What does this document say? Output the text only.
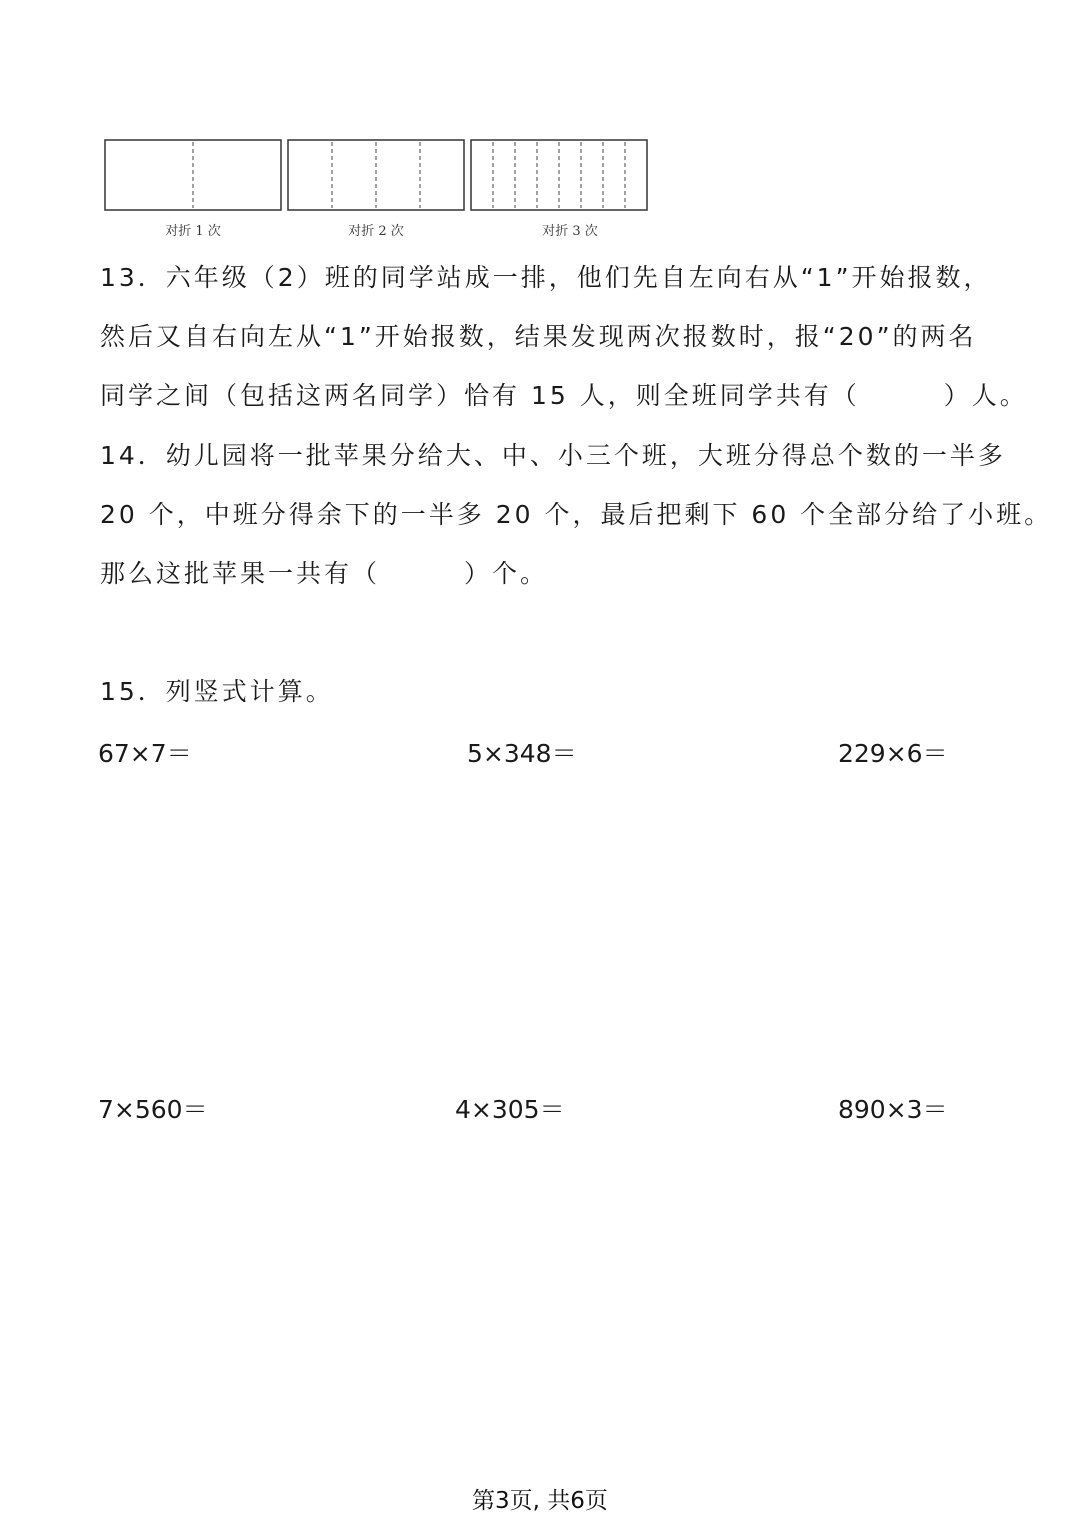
对折 1 次	对折 2 次	对折 3 次
13．六年级（2）班的同学站成一排，他们先自左向右从“1”开始报数，
然后又自右向左从“1”开始报数，结果发现两次报数时，报“20”的两名
同学之间（包括这两名同学）恰有 15 人，则全班同学共有（　　　）人。
14．幼儿园将一批苹果分给大、中、小三个班，大班分得总个数的一半多
20 个，中班分得余下的一半多 20 个，最后把剩下 60 个全部分给了小班。
那么这批苹果一共有（　　　）个。
15．列竖式计算。
67×7＝	5×348＝	229×6＝
7×560＝	4×305＝	890×3＝
第3页, 共6页
